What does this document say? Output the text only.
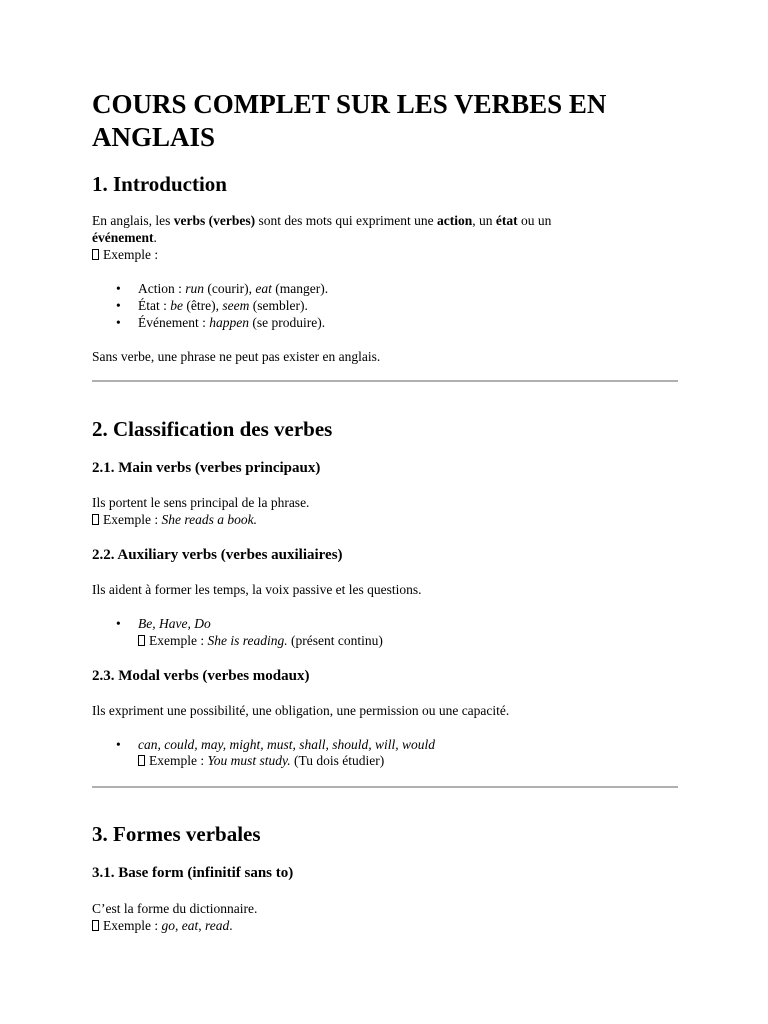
COURS COMPLET SUR LES VERBES EN ANGLAIS
1. Introduction

En anglais, les verbs (verbes) sont des mots qui expriment une action, un état ou un

événement.

Exemple :

• Action : run (courir), eat (manger).

• État : be (être), seem (sembler).

• Événement : happen (se produire).

Sans verbe, une phrase ne peut pas exister en anglais.

2. Classification des verbes
2.1. Main verbs (verbes principaux)

Ils portent le sens principal de la phrase.

Exemple : She reads a book.

2.2. Auxiliary verbs (verbes auxiliaires)

Ils aident à former les temps, la voix passive et les questions.

• Be, Have, Do

Exemple : She is reading. (présent continu)

2.3. Modal verbs (verbes modaux)

Ils expriment une possibilité, une obligation, une permission ou une capacité.

• can, could, may, might, must, shall, should, will, would

Exemple : You must study. (Tu dois étudier)

3. Formes verbales
3.1. Base form (infinitif sans to)

C’est la forme du dictionnaire.

Exemple : go, eat, read.
